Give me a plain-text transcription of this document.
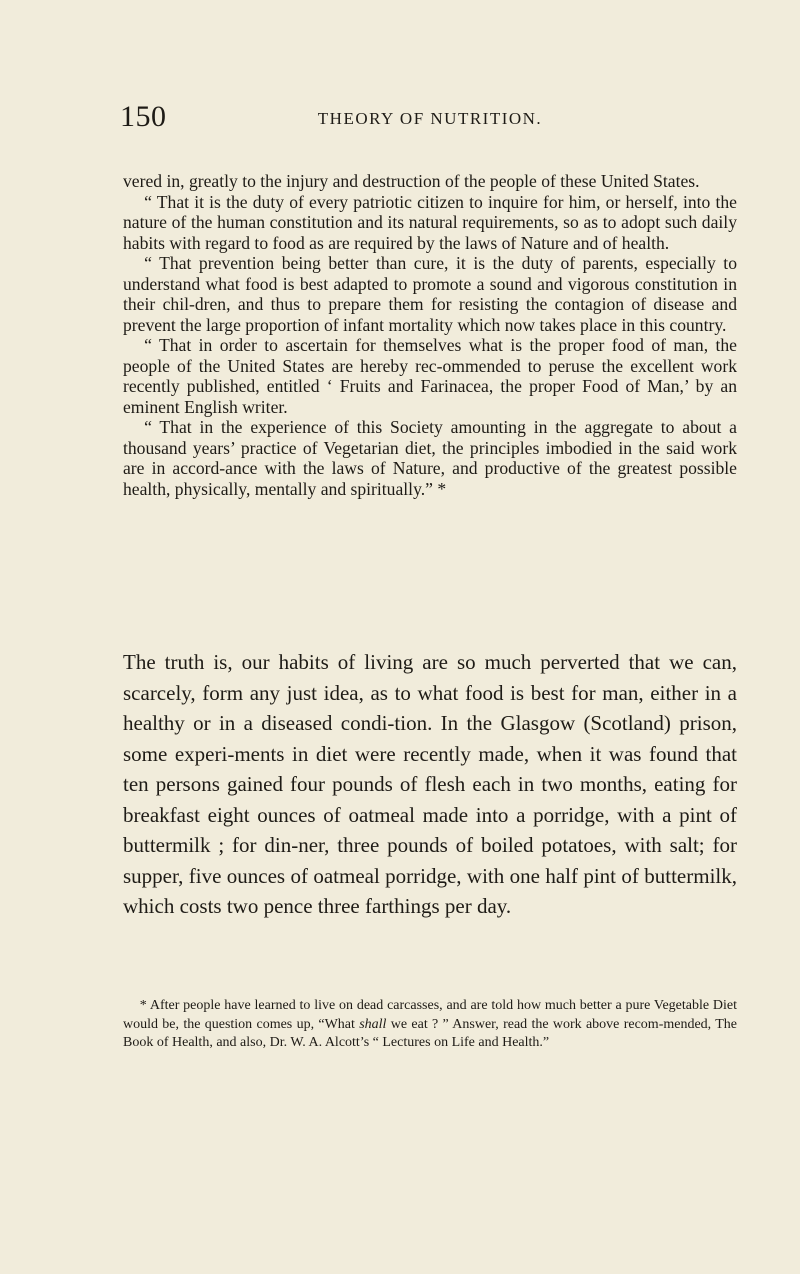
150	THEORY OF NUTRITION.

vered in, greatly to the injury and destruction of the people of these United States.

“ That it is the duty of every patriotic citizen to inquire for him, or herself, into the nature of the human constitution and its natural requirements, so as to adopt such daily habits with regard to food as are required by the laws of Nature and of health.

“ That prevention being better than cure, it is the duty of parents, especially to understand what food is best adapted to promote a sound and vigorous constitution in their chil-dren, and thus to prepare them for resisting the contagion of disease and prevent the large proportion of infant mortality which now takes place in this country.

“ That in order to ascertain for themselves what is the proper food of man, the people of the United States are hereby rec-ommended to peruse the excellent work recently published, entitled ‘ Fruits and Farinacea, the proper Food of Man,’ by an eminent English writer.

“ That in the experience of this Society amounting in the aggregate to about a thousand years’ practice of Vegetarian diet, the principles imbodied in the said work are in accord-ance with the laws of Nature, and productive of the greatest possible health, physically, mentally and spiritually.” *

The truth is, our habits of living are so much perverted that we can, scarcely, form any just idea, as to what food is best for man, either in a healthy or in a diseased condi-tion. In the Glasgow (Scotland) prison, some experi-ments in diet were recently made, when it was found that ten persons gained four pounds of flesh each in two months, eating for breakfast eight ounces of oatmeal made into a porridge, with a pint of buttermilk ; for din-ner, three pounds of boiled potatoes, with salt; for supper, five ounces of oatmeal porridge, with one half pint of buttermilk, which costs two pence three farthings per day.

* After people have learned to live on dead carcasses, and are told how much better a pure Vegetable Diet would be, the question comes up, “What shall we eat ? ” Answer, read the work above recom-mended, The Book of Health, and also, Dr. W. A. Alcott’s “ Lectures on Life and Health.”
